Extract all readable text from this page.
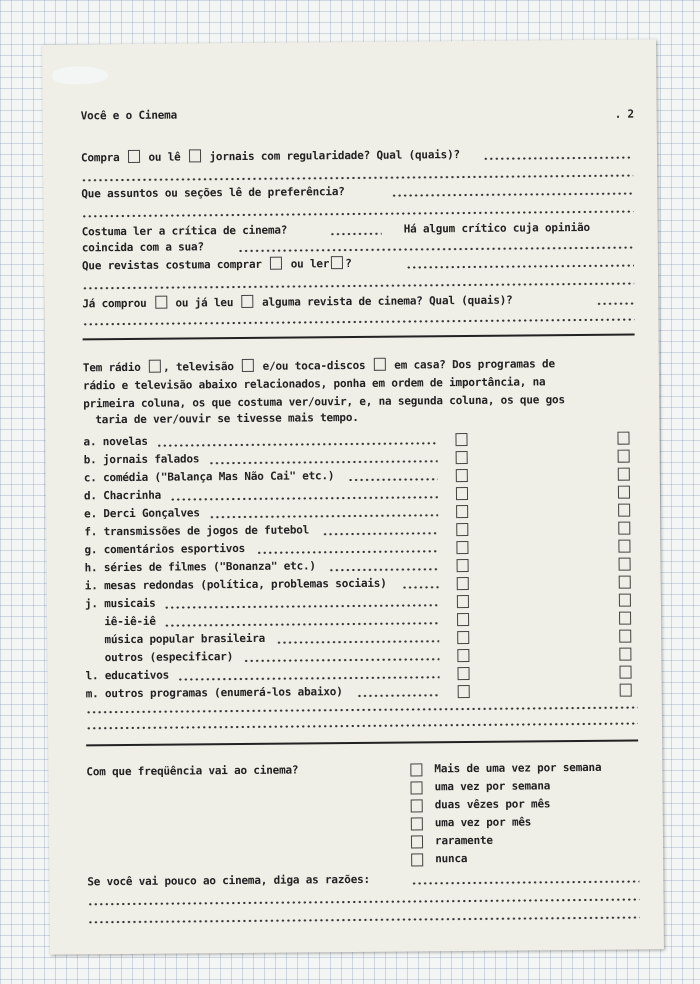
Você e o Cinema	. 2
Compra	ou lê	jornais com regularidade? Qual (quais)?
Que assuntos ou seções lê de preferência?
Costuma ler a crítica de cinema?	Há algum crítico cuja opinião
coincida com a sua?
Que revistas costuma comprar	ou ler ?
Já comprou	ou já leu	alguma revista de cinema? Qual (quais)?
Tem rádio , televisão	e/ou toca-discos	em casa? Dos programas de
rádio e televisão abaixo relacionados, ponha em ordem de importância, na
primeira coluna, os que costuma ver/ouvir, e, na segunda coluna, os que gos
taria de ver/ouvir se tivesse mais tempo.
a. novelas
b. jornais falados
c. comédia ("Balança Mas Não Cai" etc.)
d. Chacrinha
e. Derci Gonçalves
f. transmissões de jogos de futebol
g. comentários esportivos
h. séries de filmes ("Bonanza" etc.)
i. mesas redondas (política, problemas sociais)
j. musicais
iê-iê-iê
música popular brasileira
outros (especificar)
l. educativos
m. outros programas (enumerá-los abaixo)
Com que freqüência vai ao cinema?	Mais de uma vez por semana
uma vez por semana
duas vêzes por mês
uma vez por mês
raramente
nunca
Se você vai pouco ao cinema, diga as razões:
